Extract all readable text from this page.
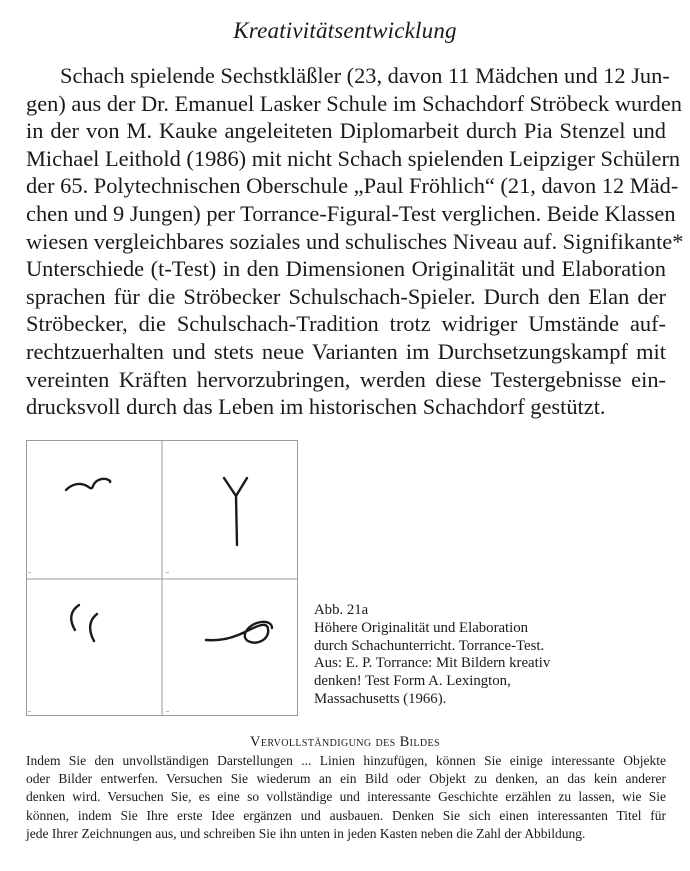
Kreativitätsentwicklung

Schach spielende Sechstkläßler (23, davon 11 Mädchen und 12 Jun-
gen) aus der Dr. Emanuel Lasker Schule im Schachdorf Ströbeck wurden
in der von M. Kauke angeleiteten Diplomarbeit durch Pia Stenzel und
Michael Leithold (1986) mit nicht Schach spielenden Leipziger Schülern
der 65. Polytechnischen Oberschule „Paul Fröhlich“ (21, davon 12 Mäd-
chen und 9 Jungen) per Torrance-Figural-Test verglichen. Beide Klassen
wiesen vergleichbares soziales und schulisches Niveau auf. Signifikante*
Unterschiede (t-Test) in den Dimensionen Originalität und Elaboration
sprachen für die Ströbecker Schulschach-Spieler. Durch den Elan der
Ströbecker, die Schulschach-Tradition trotz widriger Umstände auf-
rechtzuerhalten und stets neue Varianten im Durchsetzungskampf mit
vereinten Kräften hervorzubringen, werden diese Testergebnisse ein-
drucksvoll durch das Leben im historischen Schachdorf gestützt.

Abb. 21a
Höhere Originalität und Elaboration
durch Schachunterricht. Torrance-Test.
Aus: E. P. Torrance: Mit Bildern kreativ
denken! Test Form A. Lexington,
Massachusetts (1966).
Vervollständigung des Bildes

Indem Sie den unvollständigen Darstellungen ... Linien hinzufügen, können Sie einige interessante Objekte
oder Bilder entwerfen. Versuchen Sie wiederum an ein Bild oder Objekt zu denken, an das kein anderer
denken wird. Versuchen Sie, es eine so vollständige und interessante Geschichte erzählen zu lassen, wie Sie
können, indem Sie Ihre erste Idee ergänzen und ausbauen. Denken Sie sich einen interessanten Titel für
jede Ihrer Zeichnungen aus, und schreiben Sie ihn unten in jeden Kasten neben die Zahl der Abbildung.
